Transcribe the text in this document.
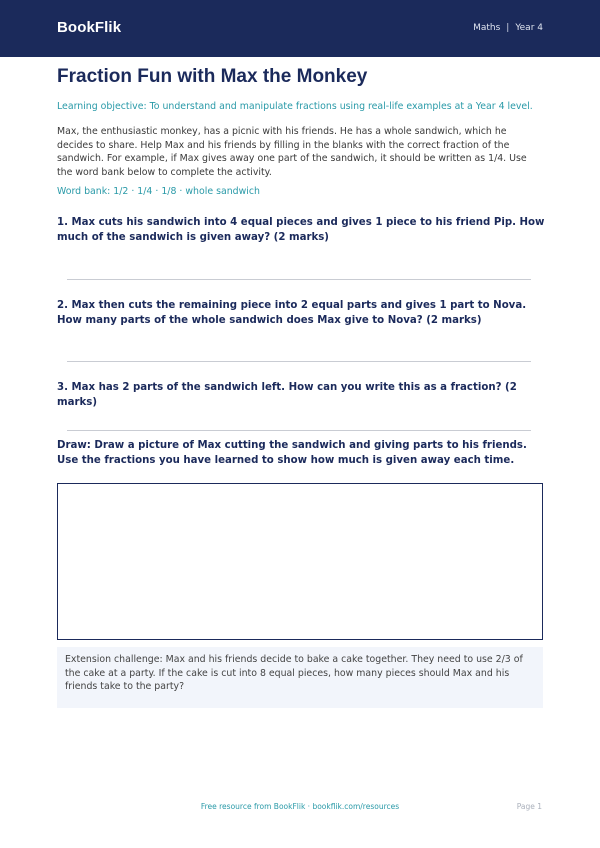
BookFlik	Maths | Year 4
Fraction Fun with Max the Monkey

Learning objective: To understand and manipulate fractions using real-life examples at a Year 4 level.

Max, the enthusiastic monkey, has a picnic with his friends. He has a whole sandwich, which he decides to share. Help Max and his friends by filling in the blanks with the correct fraction of the sandwich. For example, if Max gives away one part of the sandwich, it should be written as 1/4. Use the word bank below to complete the activity.

Word bank: 1/2 · 1/4 · 1/8 · whole sandwich

1. Max cuts his sandwich into 4 equal pieces and gives 1 piece to his friend Pip. How much of the sandwich is given away? (2 marks)

2. Max then cuts the remaining piece into 2 equal parts and gives 1 part to Nova. How many parts of the whole sandwich does Max give to Nova? (2 marks)

3. Max has 2 parts of the sandwich left. How can you write this as a fraction? (2 marks)

Draw: Draw a picture of Max cutting the sandwich and giving parts to his friends. Use the fractions you have learned to show how much is given away each time.

Extension challenge: Max and his friends decide to bake a cake together. They need to use 2/3 of the cake at a party. If the cake is cut into 8 equal pieces, how many pieces should Max and his friends take to the party?

Free resource from BookFlik · bookflik.com/resources	Page 1
